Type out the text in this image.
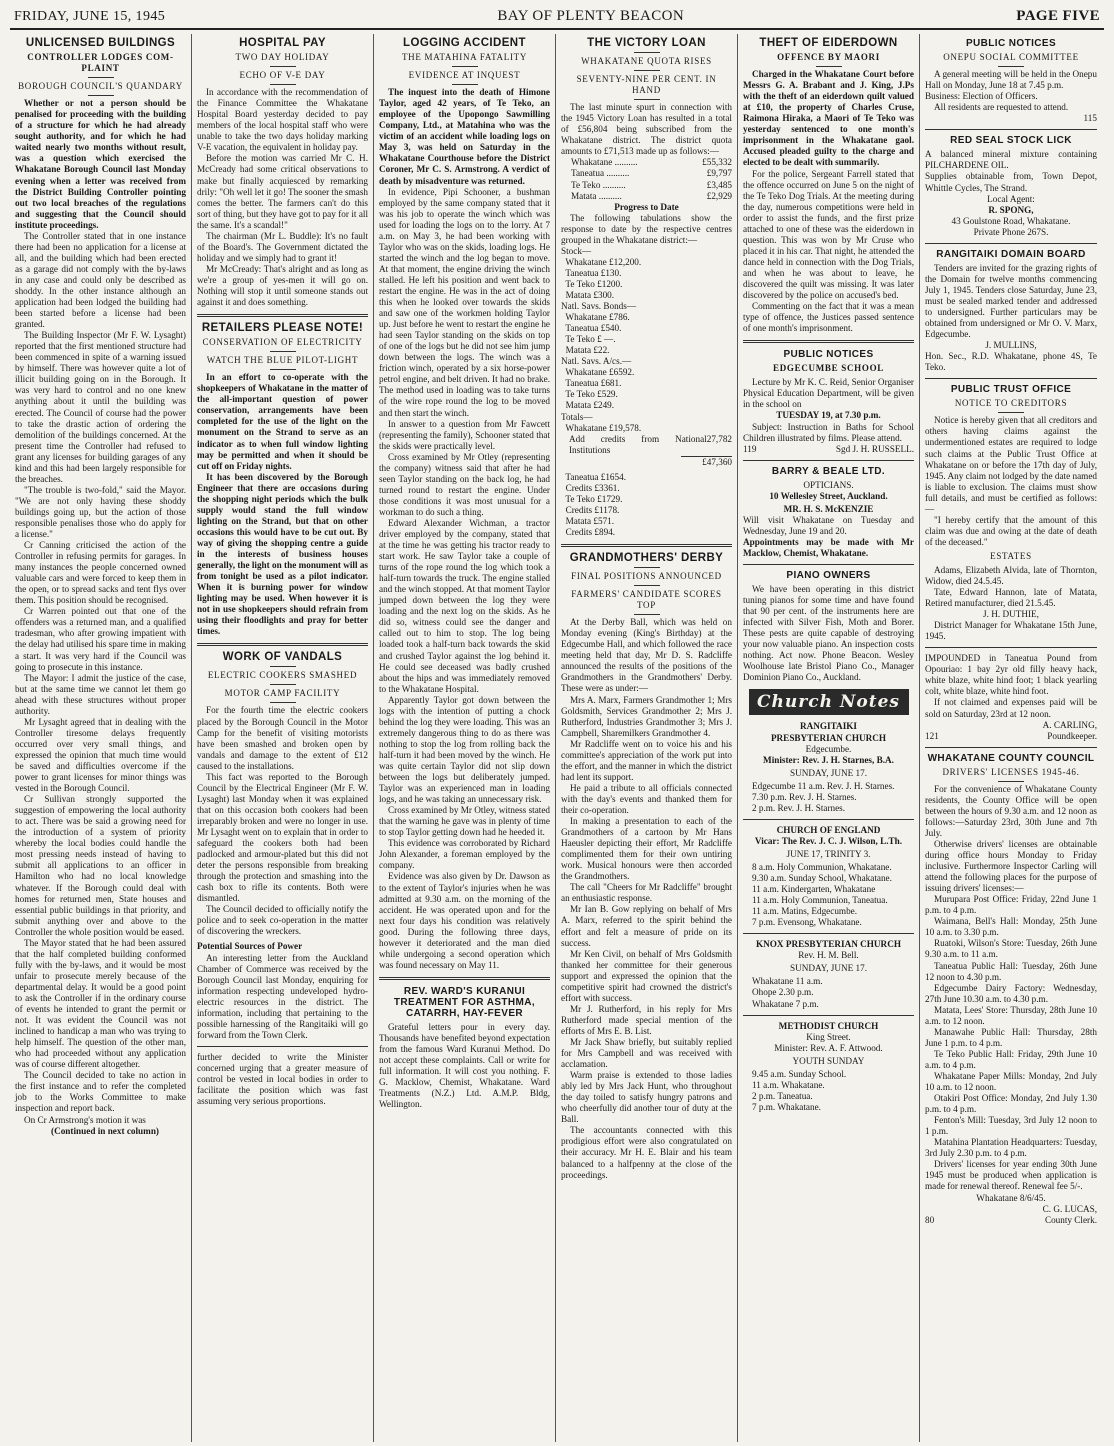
FRIDAY, JUNE 15, 1945	BAY OF PLENTY BEACON	PAGE FIVE
UNLICENSED BUILDINGS
CONTROLLER LODGES COM-PLAINT
BOROUGH COUNCIL'S QUANDARY

Whether or not a person should be penalised for proceeding with the building of a structure for which he had already sought authority, and for which he had waited nearly two months without result, was a question which exercised the Whakatane Borough Council last Monday evening when a letter was received from the District Building Controller pointing out two local breaches of the regulations and suggesting that the Council should institute proceedings.

The Controller stated that in one instance there had been no application for a license at all, and the building which had been erected as a garage did not comply with the by-laws in any case and could only be described as shoddy. In the other instance although an application had been lodged the building had been started before a license had been granted.

The Building Inspector (Mr F. W. Lysaght) reported that the first mentioned structure had been commenced in spite of a warning issued by himself. There was however quite a lot of illicit building going on in the Borough. It was very hard to control and no one knew anything about it until the building was erected. The Council of course had the power to take the drastic action of ordering the demolition of the buildings concerned. At the present time the Controller had refused to grant any licenses for building garages of any kind and this had been largely responsible for the breaches.

"The trouble is two-fold," said the Mayor. "We are not only having these shoddy buildings going up, but the action of those responsible penalises those who do apply for a license."

Cr Canning criticised the action of the Controller in refusing permits for garages. In many instances the people concerned owned valuable cars and were forced to keep them in the open, or to spread sacks and tent flys over them. This position should be recognised.

Cr Warren pointed out that one of the offenders was a returned man, and a qualified tradesman, who after growing impatient with the delay had utilised his spare time in making a start. It was very hard if the Council was going to prosecute in this instance.

The Mayor: I admit the justice of the case, but at the same time we cannot let them go ahead with these structures without proper authority.

Mr Lysaght agreed that in dealing with the Controller tiresome delays frequently occurred over very small things, and expressed the opinion that much time would be saved and difficulties overcome if the power to grant licenses for minor things was vested in the Borough Council.

Cr Sullivan strongly supported the suggestion of empowering the local authority to act. There was be said a growing need for the introduction of a system of priority whereby the local bodies could handle the most pressing needs instead of having to submit all applications to an officer in Hamilton who had no local knowledge whatever. If the Borough could deal with homes for returned men, State houses and essential public buildings in that priority, and submit anything over and above to the Controller the whole position would be eased.

The Mayor stated that he had been assured that the half completed building conformed fully with the by-laws, and it would be most unfair to prosecute merely because of the departmental delay. It would be a good point to ask the Controller if in the ordinary course of events he intended to grant the permit or not. It was evident the Council was not inclined to handicap a man who was trying to help himself. The question of the other man, who had proceeded without any application was of course different altogether.

The Council decided to take no action in the first instance and to refer the completed job to the Works Committee to make inspection and report back.

On Cr Armstrong's motion it was

(Continued in next column)

HOSPITAL PAY
TWO DAY HOLIDAY
ECHO OF V-E DAY

In accordance with the recommendation of the Finance Committee the Whakatane Hospital Board yesterday decided to pay members of the local hospital staff who were unable to take the two days holiday marking V-E vacation, the equivalent in holiday pay.

Before the motion was carried Mr C. H. McCready had some critical observations to make but finally acquiesced by remarking drily: "Oh well let it go! The sooner the smash comes the better. The farmers can't do this sort of thing, but they have got to pay for it all the same. It's a scandal!"

The chairman (Mr L. Buddle): It's no fault of the Board's. The Government dictated the holiday and we simply had to grant it!

Mr McCready: That's alright and as long as we're a group of yes-men it will go on. Nothing will stop it until someone stands out against it and does something.

RETAILERS PLEASE NOTE!
CONSERVATION OF ELECTRICITY
WATCH THE BLUE PILOT-LIGHT

In an effort to co-operate with the shopkeepers of Whakatane in the matter of the all-important question of power conservation, arrangements have been completed for the use of the light on the monument on the Strand to serve as an indicator as to when full window lighting may be permitted and when it should be cut off on Friday nights.

It has been discovered by the Borough Engineer that there are occasions during the shopping night periods which the bulk supply would stand the full window lighting on the Strand, but that on other occasions this would have to be cut out. By way of giving the shopping centre a guide in the interests of business houses generally, the light on the monument will as from tonight be used as a pilot indicator. When it is burning power for window lighting may be used. When however it is not in use shopkeepers should refrain from using their floodlights and pray for better times.

WORK OF VANDALS
ELECTRIC COOKERS SMASHED
MOTOR CAMP FACILITY

For the fourth time the electric cookers placed by the Borough Council in the Motor Camp for the benefit of visiting motorists have been smashed and broken open by vandals and damage to the extent of £12 caused to the installations.

This fact was reported to the Borough Council by the Electrical Engineer (Mr F. W. Lysaght) last Monday when it was explained that on this occasion both cookers had been irreparably broken and were no longer in use. Mr Lysaght went on to explain that in order to safeguard the cookers both had been padlocked and armour-plated but this did not deter the persons responsible from breaking through the protection and smashing into the cash box to rifle its contents. Both were dismantled.

The Council decided to officially notify the police and to seek co-operation in the matter of discovering the wreckers.

Potential Sources of Power

An interesting letter from the Auckland Chamber of Commerce was received by the Borough Council last Monday, enquiring for information respecting undeveloped hydro-electric resources in the district. The information, including that pertaining to the possible harnessing of the Rangitaiki will go forward from the Town Clerk.

further decided to write the Minister concerned urging that a greater measure of control be vested in local bodies in order to facilitate the position which was fast assuming very serious proportions.

LOGGING ACCIDENT
THE MATAHINA FATALITY
EVIDENCE AT INQUEST

The inquest into the death of Himone Taylor, aged 42 years, of Te Teko, an employee of the Upopongo Sawmilling Company, Ltd., at Matahina who was the victim of an accident while loading logs on May 3, was held on Saturday in the Whakatane Courthouse before the District Coroner, Mr C. S. Armstrong. A verdict of death by misadventure was returned.

In evidence, Pipi Schooner, a bushman employed by the same company stated that it was his job to operate the winch which was used for loading the logs on to the lorry. At 7 a.m. on May 3, he had been working with Taylor who was on the skids, loading logs. He started the winch and the log began to move. At that moment, the engine driving the winch stalled. He left his position and went back to restart the engine. He was in the act of doing this when he looked over towards the skids and saw one of the workmen holding Taylor up. Just before he went to restart the engine he had seen Taylor standing on the skids on top of one of the logs but he did not see him jump down between the logs. The winch was a friction winch, operated by a six horse-power petrol engine, and belt driven. It had no brake. The method used in loading was to take turns of the wire rope round the log to be moved and then start the winch.

In answer to a question from Mr Fawcett (representing the family), Schooner stated that the skids were practically level.

Cross examined by Mr Otley (representing the company) witness said that after he had seen Taylor standing on the back log, he had turned round to restart the engine. Under those conditions it was most unusual for a workman to do such a thing.

Edward Alexander Wichman, a tractor driver employed by the company, stated that at the time he was getting his tractor ready to start work. He saw Taylor take a couple of turns of the rope round the log which took a half-turn towards the truck. The engine stalled and the winch stopped. At that moment Taylor jumped down between the log they were loading and the next log on the skids. As he did so, witness could see the danger and called out to him to stop. The log being loaded took a half-turn back towards the skid and crushed Taylor against the log behind it. He could see deceased was badly crushed about the hips and was immediately removed to the Whakatane Hospital.

Apparently Taylor got down between the logs with the intention of putting a chock behind the log they were loading. This was an extremely dangerous thing to do as there was nothing to stop the log from rolling back the half-turn it had been moved by the winch. He was quite certain Taylor did not slip down between the logs but deliberately jumped. Taylor was an experienced man in loading logs, and he was taking an unnecessary risk.

Cross examined by Mr Otley, witness stated that the warning he gave was in plenty of time to stop Taylor getting down had he heeded it.

This evidence was corroborated by Richard John Alexander, a foreman employed by the company.

Evidence was also given by Dr. Dawson as to the extent of Taylor's injuries when he was admitted at 9.30 a.m. on the morning of the accident. He was operated upon and for the next four days his condition was relatively good. During the following three days, however it deteriorated and the man died while undergoing a second operation which was found necessary on May 11.

REV. WARD'S KURANUI TREATMENT FOR ASTHMA, CATARRH, HAY-FEVER

Grateful letters pour in every day. Thousands have benefited beyond expectation from the famous Ward Kuranui Method. Do not accept these complaints. Call or write for full information. It will cost you nothing. F. G. Macklow, Chemist, Whakatane. Ward Treatments (N.Z.) Ltd. A.M.P. Bldg, Wellington.

THE VICTORY LOAN
WHAKATANE QUOTA RISES
SEVENTY-NINE PER CENT. IN HAND

The last minute spurt in connection with the 1945 Victory Loan has resulted in a total of £56,804 being subscribed from the Whakatane district. The district quota amounts to £71,513 made up as follows:—

Whakatane ..........	£55,332
Taneatua ..........	£9,797
Te Teko ..........	£3,485
Matata ..........	£2,929
Progress to Date

The following tabulations show the response to date by the respective centres grouped in the Whakatane district:—

Stock—
Whakatane £12,200.
Taneatua £130.
Te Teko £1200.
Matata £300.
Natl. Savs. Bonds—
Whakatane £786.
Taneatua £540.
Te Teko £ —.
Matata £22.
Natl. Savs. A/cs.—
Whakatane £6592.
Taneatua £681.
Te Teko £529.
Matata £249.
Totals—
Whakatane £19,578.
Add credits from National Institutions
27,782
£47,360
Taneatua £1654.
Credits £3361.
Te Teko £1729.
Credits £1178.
Matata £571.
Credits £894.
GRANDMOTHERS' DERBY
FINAL POSITIONS ANNOUNCED
FARMERS' CANDIDATE SCORES TOP

At the Derby Ball, which was held on Monday evening (King's Birthday) at the Edgecumbe Hall, and which followed the race meeting held that day, Mr D. S. Radcliffe announced the results of the positions of the Grandmothers in the Grandmothers' Derby. These were as under:—

Mrs A. Marx, Farmers Grandmother 1; Mrs Goldsmith, Services Grandmother 2; Mrs J. Rutherford, Industries Grandmother 3; Mrs J. Campbell, Sharemilkers Grandmother 4.

Mr Radcliffe went on to voice his and his committee's appreciation of the work put into the effort, and the manner in which the district had lent its support.

He paid a tribute to all officials connected with the day's events and thanked them for their co-operation.

In making a presentation to each of the Grandmothers of a cartoon by Mr Hans Haeusler depicting their effort, Mr Radcliffe complimented them for their own untiring work. Musical honours were then accorded the Grandmothers.

The call "Cheers for Mr Radcliffe" brought an enthusiastic response.

Mr Ian B. Gow replying on behalf of Mrs A. Marx, referred to the spirit behind the effort and felt a measure of pride on its success.

Mr Ken Civil, on behalf of Mrs Goldsmith thanked her committee for their generous support and expressed the opinion that the competitive spirit had crowned the district's effort with success.

Mr J. Rutherford, in his reply for Mrs Rutherford made special mention of the efforts of Mrs E. B. List.

Mr Jack Shaw briefly, but suitably replied for Mrs Campbell and was received with acclamation.

Warm praise is extended to those ladies ably led by Mrs Jack Hunt, who throughout the day toiled to satisfy hungry patrons and who cheerfully did another tour of duty at the Ball.

The accountants connected with this prodigious effort were also congratulated on their accuracy. Mr H. E. Blair and his team balanced to a halfpenny at the close of the proceedings.

THEFT OF EIDERDOWN
OFFENCE BY MAORI

Charged in the Whakatane Court before Messrs G. A. Brabant and J. King, J.Ps with the theft of an eiderdown quilt valued at £10, the property of Charles Cruse, Raimona Hiraka, a Maori of Te Teko was yesterday sentenced to one month's imprisonment in the Whakatane gaol. Accused pleaded guilty to the charge and elected to be dealt with summarily.

For the police, Sergeant Farrell stated that the offence occurred on June 5 on the night of the Te Teko Dog Trials. At the meeting during the day, numerous competitions were held in order to assist the funds, and the first prize attached to one of these was the eiderdown in question. This was won by Mr Cruse who placed it in his car. That night, he attended the dance held in connection with the Dog Trials, and when he was about to leave, he discovered the quilt was missing. It was later discovered by the police on accused's bed.

Commenting on the fact that it was a mean type of offence, the Justices passed sentence of one month's imprisonment.

PUBLIC NOTICES
EDGECUMBE SCHOOL

Lecture by Mr K. C. Reid, Senior Organiser Physical Education Department, will be given in the school on

TUESDAY 19, at 7.30 p.m.

Subject: Instruction in Baths for School Children illustrated by films. Please attend.

119	Sgd J. H. RUSSELL.
BARRY & BEALE LTD.

OPTICIANS.

10 Wellesley Street, Auckland.

MR. H. S. McKENZIE

Will visit Whakatane on Tuesday and Wednesday, June 19 and 20.

Appointments may be made with Mr Macklow, Chemist, Whakatane.

PIANO OWNERS

We have been operating in this district tuning pianos for some time and have found that 90 per cent. of the instruments here are infected with Silver Fish, Moth and Borer. These pests are quite capable of destroying your now valuable piano. An inspection costs nothing. Act now. Phone Beacon. Wesley Woolhouse late Bristol Piano Co., Manager Dominion Piano Co., Auckland.

Church Notes

RANGITAIKI

PRESBYTERIAN CHURCH

Edgecumbe.

Minister: Rev. J. H. Starnes, B.A.

SUNDAY, JUNE 17.

Edgecumbe 11 a.m. Rev. J. H. Starnes.

7.30 p.m. Rev. J. H. Starnes.

2 p.m. Rev. J. H. Starnes.

CHURCH OF ENGLAND

Vicar: The Rev. J. C. J. Wilson, L.Th.

JUNE 17, TRINITY 3.

8 a.m. Holy Communion, Whakatane.

9.30 a.m. Sunday School, Whakatane.

11 a.m. Kindergarten, Whakatane

11 a.m. Holy Communion, Taneatua.

11 a.m. Matins, Edgecumbe.

7 p.m. Evensong, Whakatane.

KNOX PRESBYTERIAN CHURCH

Rev. H. M. Bell.

SUNDAY, JUNE 17.

Whakatane 11 a.m.

Ohope 2.30 p.m.

Whakatane 7 p.m.

METHODIST CHURCH

King Street.

Minister: Rev. A. F. Attwood.

YOUTH SUNDAY

9.45 a.m. Sunday School.

11 a.m. Whakatane.

2 p.m. Taneatua.

7 p.m. Whakatane.

PUBLIC NOTICES
ONEPU SOCIAL COMMITTEE

A general meeting will be held in the Onepu Hall on Monday, June 18 at 7.45 p.m.

Business: Election of Officers.

All residents are requested to attend.

115

RED SEAL STOCK LICK

A balanced mineral mixture containing PILCHARDENE OIL.

Supplies obtainable from, Town Depot, Whittle Cycles, The Strand.

Local Agent:

R. SPONG,

43 Goulstone Road, Whakatane.

Private Phone 267S.

RANGITAIKI DOMAIN BOARD

Tenders are invited for the grazing rights of the Domain for twelve months commencing July 1, 1945. Tenders close Saturday, June 23, must be sealed marked tender and addressed to undersigned. Further particulars may be obtained from undersigned or Mr O. V. Marx, Edgecumbe.

J. MULLINS,

Hon. Sec., R.D. Whakatane, phone 4S, Te Teko.

PUBLIC TRUST OFFICE
NOTICE TO CREDITORS

Notice is hereby given that all creditors and others having claims against the undermentioned estates are required to lodge such claims at the Public Trust Office at Whakatane on or before the 17th day of July, 1945. Any claim not lodged by the date named is liable to exclusion. The claims must show full details, and must be certified as follows:—

"I hereby certify that the amount of this claim was due and owing at the date of death of the deceased."

ESTATES

Adams, Elizabeth Alvida, late of Thornton, Widow, died 24.5.45.

Tate, Edward Hannon, late of Matata, Retired manufacturer, died 21.5.45.

J. H. DUTHIE,

District Manager for Whakatane 15th June, 1945.

IMPOUNDED in Taneatua Pound from Opouriao: 1 bay 2yr old filly heavy hack, white blaze, white hind foot; 1 black yearling colt, white blaze, white hind foot.

If not claimed and expenses paid will be sold on Saturday, 23rd at 12 noon.

A. CARLING,

121	Poundkeeper.
WHAKATANE COUNTY COUNCIL
DRIVERS' LICENSES 1945-46.

For the convenience of Whakatane County residents, the County Office will be open between the hours of 9.30 a.m. and 12 noon as follows:—Saturday 23rd, 30th June and 7th July.

Otherwise drivers' licenses are obtainable during office hours Monday to Friday inclusive. Furthermore Inspector Carling will attend the following places for the purpose of issuing drivers' licenses:—

Murupara Post Office: Friday, 22nd June 1 p.m. to 4 p.m.

Waimana, Bell's Hall: Monday, 25th June 10 a.m. to 3.30 p.m.

Ruatoki, Wilson's Store: Tuesday, 26th June 9.30 a.m. to 11 a.m.

Taneatua Public Hall: Tuesday, 26th June 12 noon to 4.30 p.m.

Edgecumbe Dairy Factory: Wednesday, 27th June 10.30 a.m. to 4.30 p.m.

Matata, Lees' Store: Thursday, 28th June 10 a.m. to 12 noon.

Manawahe Public Hall: Thursday, 28th June 1 p.m. to 4 p.m.

Te Teko Public Hall: Friday, 29th June 10 a.m. to 4 p.m.

Whakatane Paper Mills: Monday, 2nd July 10 a.m. to 12 noon.

Otakiri Post Office: Monday, 2nd July 1.30 p.m. to 4 p.m.

Fenton's Mill: Tuesday, 3rd July 12 noon to 1 p.m.

Matahina Plantation Headquarters: Tuesday, 3rd July 2.30 p.m. to 4 p.m.

Drivers' licenses for year ending 30th June 1945 must be produced when application is made for renewal thereof. Renewal fee 5/-.

Whakatane 8/6/45.

C. G. LUCAS,

80	County Clerk.
